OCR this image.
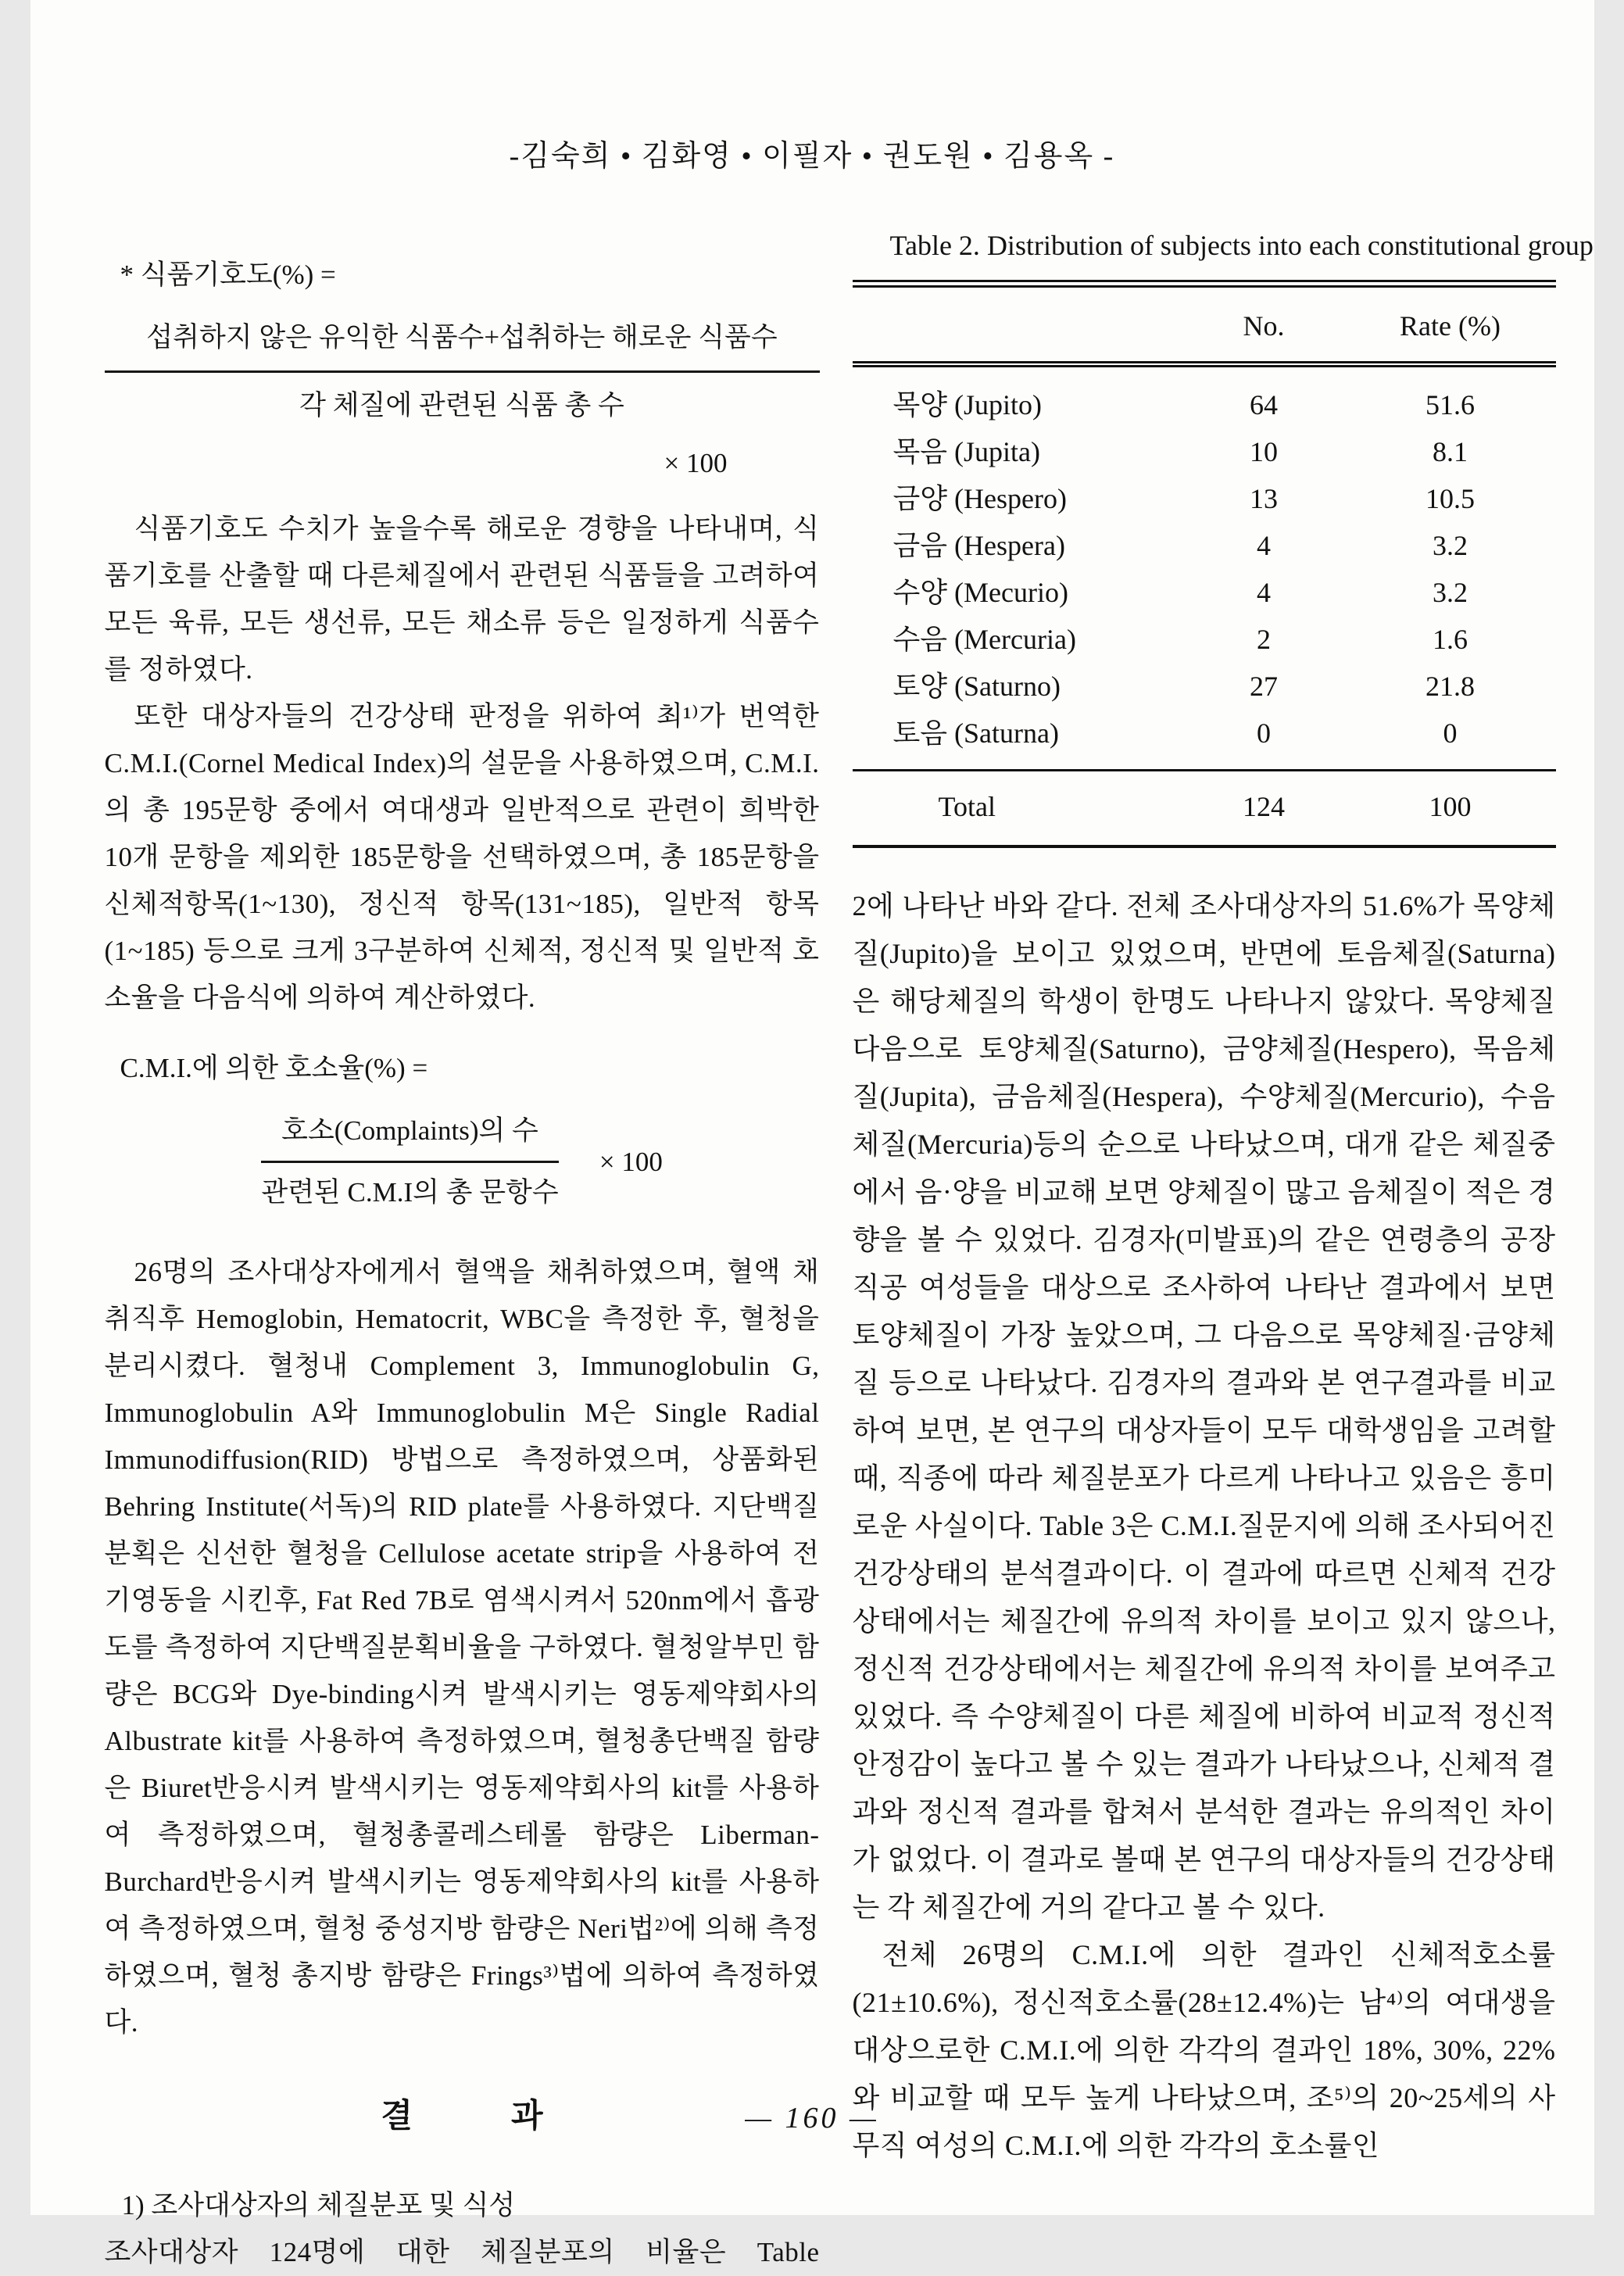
-김숙희 • 김화영 • 이필자 • 권도원 • 김용옥 -
* 식품기호도(%) =
섭취하지 않은 유익한 식품수+섭취하는 해로운 식품수
각 체질에 관련된 식품 총 수
× 100

식품기호도 수치가 높을수록 해로운 경향을 나타내며, 식품기호를 산출할 때 다른체질에서 관련된 식품들을 고려하여 모든 육류, 모든 생선류, 모든 채소류 등은 일정하게 식품수를 정하였다.

또한 대상자들의 건강상태 판정을 위하여 최¹⁾가 번역한 C.M.I.(Cornel Medical Index)의 설문을 사용하였으며, C.M.I.의 총 195문항 중에서 여대생과 일반적으로 관련이 희박한 10개 문항을 제외한 185문항을 선택하였으며, 총 185문항을 신체적항목(1~130), 정신적 항목(131~185), 일반적 항목(1~185) 등으로 크게 3구분하여 신체적, 정신적 및 일반적 호소율을 다음식에 의하여 계산하였다.

C.M.I.에 의한 호소율(%) =
$\frac{\text{호소(Complaints)의 수}}{\text{관련된 C.M.I의 총 문항수}} \times 100$

26명의 조사대상자에게서 혈액을 채취하였으며, 혈액 채취직후 Hemoglobin, Hematocrit, WBC을 측정한 후, 혈청을 분리시켰다. 혈청내 Complement 3, Immunoglobulin G, Immunoglobulin A와 Immunoglobulin M은 Single Radial Immunodiffusion(RID) 방법으로 측정하였으며, 상품화된 Behring Institute(서독)의 RID plate를 사용하였다. 지단백질분획은 신선한 혈청을 Cellulose acetate strip을 사용하여 전기영동을 시킨후, Fat Red 7B로 염색시켜서 520nm에서 흡광도를 측정하여 지단백질분획비율을 구하였다. 혈청알부민 함량은 BCG와 Dye-binding시켜 발색시키는 영동제약회사의 Albustrate kit를 사용하여 측정하였으며, 혈청총단백질 함량은 Biuret반응시켜 발색시키는 영동제약회사의 kit를 사용하여 측정하였으며, 혈청총콜레스테롤 함량은 Liberman-Burchard반응시켜 발색시키는 영동제약회사의 kit를 사용하여 측정하였으며, 혈청 중성지방 함량은 Neri법²⁾에 의해 측정하였으며, 혈청 총지방 함량은 Frings³⁾법에 의하여 측정하였다.

결　　　과
1) 조사대상자의 체질분포 및 식성

조사대상자 124명에 대한 체질분포의 비율은 Table

Table 2. Distribution of subjects into each constitutional group
	No.	Rate (%)
목양 (Jupito)	64	51.6
목음 (Jupita)	10	8.1
금양 (Hespero)	13	10.5
금음 (Hespera)	4	3.2
수양 (Mecurio)	4	3.2
수음 (Mercuria)	2	1.6
토양 (Saturno)	27	21.8
토음 (Saturna)	0	0
Total	124	100

2에 나타난 바와 같다. 전체 조사대상자의 51.6%가 목양체질(Jupito)을 보이고 있었으며, 반면에 토음체질(Saturna)은 해당체질의 학생이 한명도 나타나지 않았다. 목양체질 다음으로 토양체질(Saturno), 금양체질(Hespero), 목음체질(Jupita), 금음체질(Hespera), 수양체질(Mercurio), 수음체질(Mercuria)등의 순으로 나타났으며, 대개 같은 체질중에서 음·양을 비교해 보면 양체질이 많고 음체질이 적은 경향을 볼 수 있었다. 김경자(미발표)의 같은 연령층의 공장직공 여성들을 대상으로 조사하여 나타난 결과에서 보면 토양체질이 가장 높았으며, 그 다음으로 목양체질·금양체질 등으로 나타났다. 김경자의 결과와 본 연구결과를 비교하여 보면, 본 연구의 대상자들이 모두 대학생임을 고려할때, 직종에 따라 체질분포가 다르게 나타나고 있음은 흥미로운 사실이다. Table 3은 C.M.I.질문지에 의해 조사되어진 건강상태의 분석결과이다. 이 결과에 따르면 신체적 건강상태에서는 체질간에 유의적 차이를 보이고 있지 않으나, 정신적 건강상태에서는 체질간에 유의적 차이를 보여주고 있었다. 즉 수양체질이 다른 체질에 비하여 비교적 정신적 안정감이 높다고 볼 수 있는 결과가 나타났으나, 신체적 결과와 정신적 결과를 합쳐서 분석한 결과는 유의적인 차이가 없었다. 이 결과로 볼때 본 연구의 대상자들의 건강상태는 각 체질간에 거의 같다고 볼 수 있다.

전체 26명의 C.M.I.에 의한 결과인 신체적호소률(21±10.6%), 정신적호소률(28±12.4%)는 남⁴⁾의 여대생을 대상으로한 C.M.I.에 의한 각각의 결과인 18%, 30%, 22%와 비교할 때 모두 높게 나타났으며, 조⁵⁾의 20~25세의 사무직 여성의 C.M.I.에 의한 각각의 호소률인

— 160 —
